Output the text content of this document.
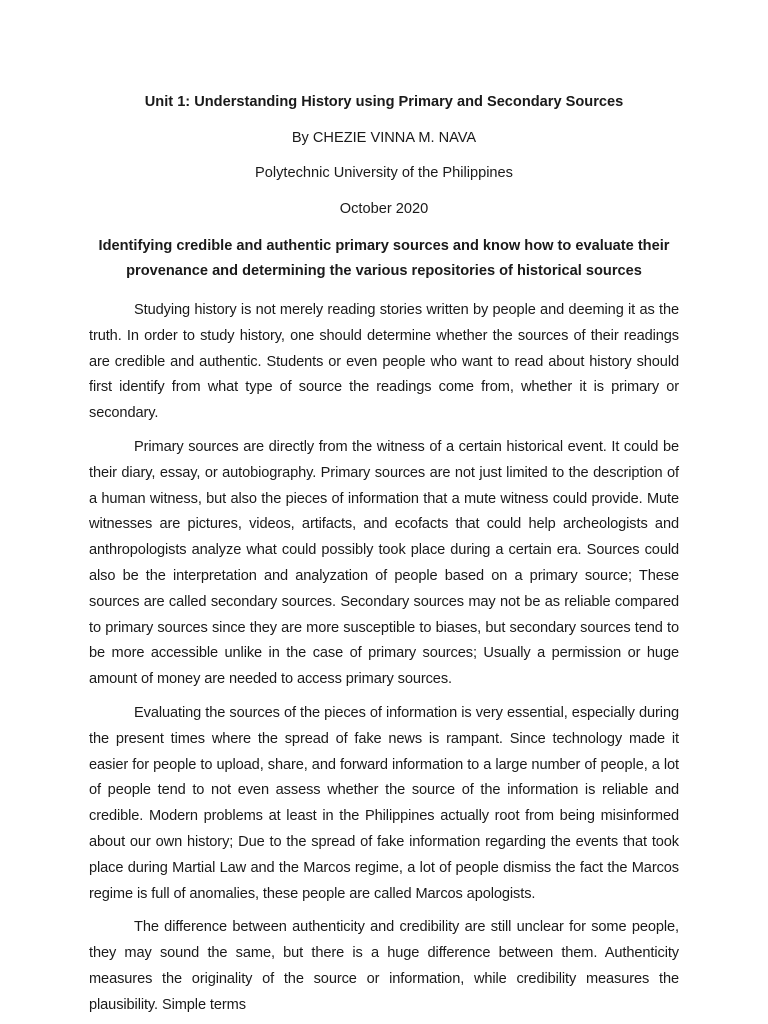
Unit 1: Understanding History using Primary and Secondary Sources

By CHEZIE VINNA M. NAVA

Polytechnic University of the Philippines

October 2020

Identifying credible and authentic primary sources and know how to evaluate their provenance and determining the various repositories of historical sources

Studying history is not merely reading stories written by people and deeming it as the truth. In order to study history, one should determine whether the sources of their readings are credible and authentic. Students or even people who want to read about history should first identify from what type of source the readings come from, whether it is primary or secondary.

Primary sources are directly from the witness of a certain historical event. It could be their diary, essay, or autobiography. Primary sources are not just limited to the description of a human witness, but also the pieces of information that a mute witness could provide. Mute witnesses are pictures, videos, artifacts, and ecofacts that could help archeologists and anthropologists analyze what could possibly took place during a certain era. Sources could also be the interpretation and analyzation of people based on a primary source; These sources are called secondary sources. Secondary sources may not be as reliable compared to primary sources since they are more susceptible to biases, but secondary sources tend to be more accessible unlike in the case of primary sources; Usually a permission or huge amount of money are needed to access primary sources.

Evaluating the sources of the pieces of information is very essential, especially during the present times where the spread of fake news is rampant. Since technology made it easier for people to upload, share, and forward information to a large number of people, a lot of people tend to not even assess whether the source of the information is reliable and credible. Modern problems at least in the Philippines actually root from being misinformed about our own history; Due to the spread of fake information regarding the events that took place during Martial Law and the Marcos regime, a lot of people dismiss the fact the Marcos regime is full of anomalies, these people are called Marcos apologists.

The difference between authenticity and credibility are still unclear for some people, they may sound the same, but there is a huge difference between them. Authenticity measures the originality of the source or information, while credibility measures the plausibility. Simple terms
